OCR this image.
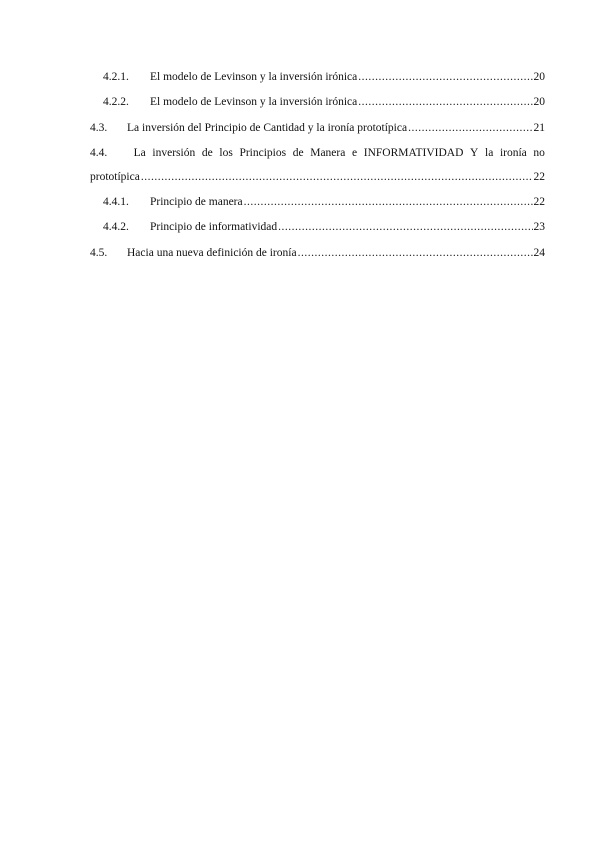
4.2.1.	El modelo de Levinson y la inversión irónica .....	20
4.2.2.	El modelo de Levinson y la inversión irónica .....	20
4.3.	La inversión del Principio de Cantidad y la ironía prototípica .....	21
4.4.	La inversión de los Principios de Manera e INFORMATIVIDAD Y la ironía no
prototípica .....	22
4.4.1.	Principio de manera .....	22
4.4.2.	Principio de informatividad .....	23
4.5.	Hacia una nueva definición de ironía .....	24
